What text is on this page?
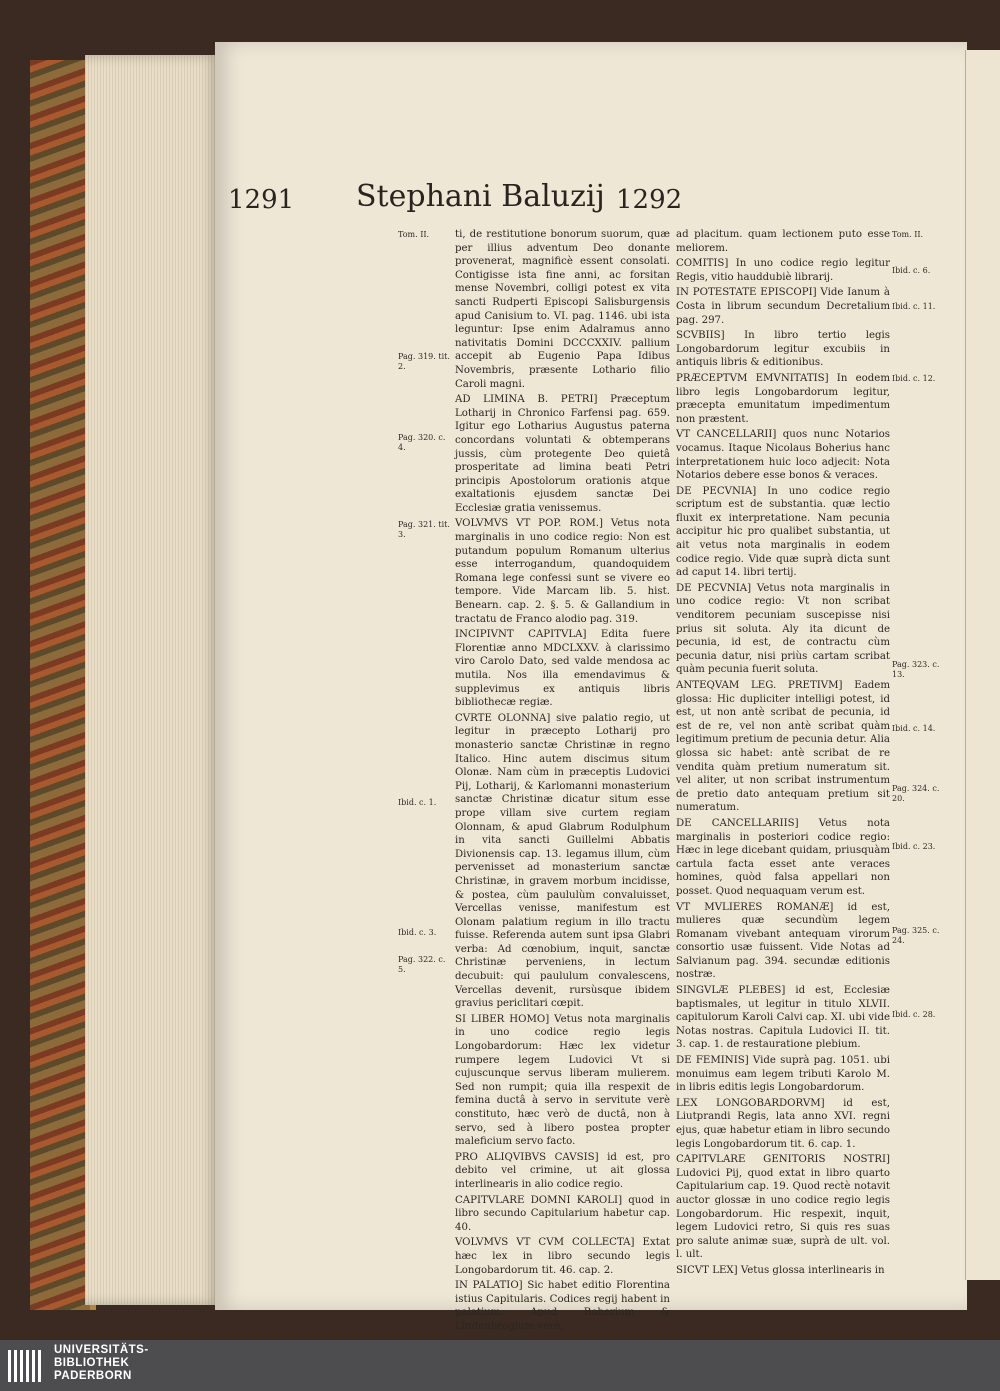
1291 Stephani Baluzij 1292
Tom. II.
Pag. 319. tit. 2.
Pag. 320. c. 4.
Pag. 321. tit. 3.
Ibid. c. 1.
Ibid. c. 3.
Pag. 322. c. 5.

ti, de restitutione bonorum suorum, quæ per illius adventum Deo donante provenerat, magnificè essent consolati. Contigisse ista fine anni, ac forsitan mense Novembri, colligi potest ex vita sancti Rudperti Episcopi Salisburgensis apud Canisium to. VI. pag. 1146. ubi ista leguntur: Ipse enim Adalramus anno nativitatis Domini DCCCXXIV. pallium accepit ab Eugenio Papa Idibus Novembris, præsente Lothario filio Caroli magni.

AD LIMINA B. PETRI] Præceptum Lotharij in Chronico Farfensi pag. 659. Igitur ego Lotharius Augustus paterna concordans voluntati & obtemperans jussis, cùm protegente Deo quietâ prosperitate ad limina beati Petri principis Apostolorum orationis atque exaltationis ejusdem sanctæ Dei Ecclesiæ gratia venissemus.

VOLVMVS VT POP. ROM.] Vetus nota marginalis in uno codice regio: Non est putandum populum Romanum ulterius esse interrogandum, quandoquidem Romana lege confessi sunt se vivere eo tempore. Vide Marcam lib. 5. hist. Benearn. cap. 2. §. 5. & Gallandium in tractatu de Franco alodio pag. 319.

INCIPIVNT CAPITVLA] Edita fuere Florentiæ anno MDCLXXV. à clarissimo viro Carolo Dato, sed valde mendosa ac mutila. Nos illa emendavimus & supplevimus ex antiquis libris bibliothecæ regiæ.

CVRTE OLONNA] sive palatio regio, ut legitur in præcepto Lotharij pro monasterio sanctæ Christinæ in regno Italico. Hinc autem discimus situm Olonæ. Nam cùm in præceptis Ludovici Pij, Lotharij, & Karlomanni monasterium sanctæ Christinæ dicatur situm esse prope villam sive curtem regiam Olonnam, & apud Glabrum Rodulphum in vita sancti Guillelmi Abbatis Divionensis cap. 13. legamus illum, cùm pervenisset ad monasterium sanctæ Christinæ, in gravem morbum incidisse, & postea, cùm paululùm convaluisset, Vercellas venisse, manifestum est Olonam palatium regium in illo tractu fuisse. Referenda autem sunt ipsa Glabri verba: Ad cœnobium, inquit, sanctæ Christinæ perveniens, in lectum decubuit: qui paululum convalescens, Vercellas devenit, rursùsque ibidem gravius periclitari cœpit.

SI LIBER HOMO] Vetus nota marginalis in uno codice regio legis Longobardorum: Hæc lex videtur rumpere legem Ludovici Vt si cujuscunque servus liberam mulierem. Sed non rumpit; quia illa respexit de femina ductâ à servo in servitute verè constituto, hæc verò de ductâ, non à servo, sed à libero postea propter maleficium servo facto.

PRO ALIQVIBVS CAVSIS] id est, pro debito vel crimine, ut ait glossa interlinearis in alio codice regio.

CAPITVLARE DOMNI KAROLI] quod in libro secundo Capitularium habetur cap. 40.

VOLVMVS VT CVM COLLECTA] Extat hæc lex in libro secundo legis Longobardorum tit. 46. cap. 2.

IN PALATIO] Sic habet editio Florentina istius Capitularis. Codices regij habent in palatium. Apud Boherium & Lindenbrogium verò,

ad placitum. quam lectionem puto esse meliorem.

COMITIS] In uno codice regio legitur Regis, vitio hauddubiè librarij.

IN POTESTATE EPISCOPI] Vide Ianum à Costa in librum secundum Decretalium pag. 297.

SCVBIIS] In libro tertio legis Longobardorum legitur excubiis in antiquis libris & editionibus.

PRÆCEPTVM EMVNITATIS] In eodem libro legis Longobardorum legitur, præcepta emunitatum impedimentum non præstent.

VT CANCELLARII] quos nunc Notarios vocamus. Itaque Nicolaus Boherius hanc interpretationem huic loco adjecit: Nota Notarios debere esse bonos & veraces.

DE PECVNIA] In uno codice regio scriptum est de substantia. quæ lectio fluxit ex interpretatione. Nam pecunia accipitur hic pro qualibet substantia, ut ait vetus nota marginalis in eodem codice regio. Vide quæ suprà dicta sunt ad caput 14. libri tertij.

DE PECVNIA] Vetus nota marginalis in uno codice regio: Vt non scribat venditorem pecuniam suscepisse nisi prius sit soluta. Aly ita dicunt de pecunia, id est, de contractu cùm pecunia datur, nisi priùs cartam scribat quàm pecunia fuerit soluta.

ANTEQVAM LEG. PRETIVM] Eadem glossa: Hic dupliciter intelligi potest, id est, ut non antè scribat de pecunia, id est de re, vel non antè scribat quàm legitimum pretium de pecunia detur. Alia glossa sic habet: antè scribat de re vendita quàm pretium numeratum sit. vel aliter, ut non scribat instrumentum de pretio dato antequam pretium sit numeratum.

DE CANCELLARIIS] Vetus nota marginalis in posteriori codice regio: Hæc in lege dicebant quidam, priusquàm cartula facta esset ante veraces homines, quòd falsa appellari non posset. Quod nequaquam verum est.

VT MVLIERES ROMANÆ] id est, mulieres quæ secundùm legem Romanam vivebant antequam virorum consortio usæ fuissent. Vide Notas ad Salvianum pag. 394. secundæ editionis nostræ.

SINGVLÆ PLEBES] id est, Ecclesiæ baptismales, ut legitur in titulo XLVII. capitulorum Karoli Calvi cap. XI. ubi vide Notas nostras. Capitula Ludovici II. tit. 3. cap. 1. de restauratione plebium.

DE FEMINIS] Vide suprà pag. 1051. ubi monuimus eam legem tributi Karolo M. in libris editis legis Longobardorum.

LEX LONGOBARDORVM] id est, Liutprandi Regis, lata anno XVI. regni ejus, quæ habetur etiam in libro secundo legis Longobardorum tit. 6. cap. 1.

CAPITVLARE GENITORIS NOSTRI] Ludovici Pij, quod extat in libro quarto Capitularium cap. 19. Quod rectè notavit auctor glossæ in uno codice regio legis Longobardorum. Hic respexit, inquit, legem Ludovici retro, Si quis res suas pro salute animæ suæ, suprà de ult. vol. l. ult.

SICVT LEX] Vetus glossa interlinearis in

Tom. II.
Ibid. c. 6.
Ibid. c. 11.
Ibid. c. 12.
Pag. 323. c. 13.
Ibid. c. 14.
Pag. 324. c. 20.
Ibid. c. 23.
Pag. 325. c. 24.
Ibid. c. 28.
UNIVERSITÄTS-
BIBLIOTHEK
PADERBORN
